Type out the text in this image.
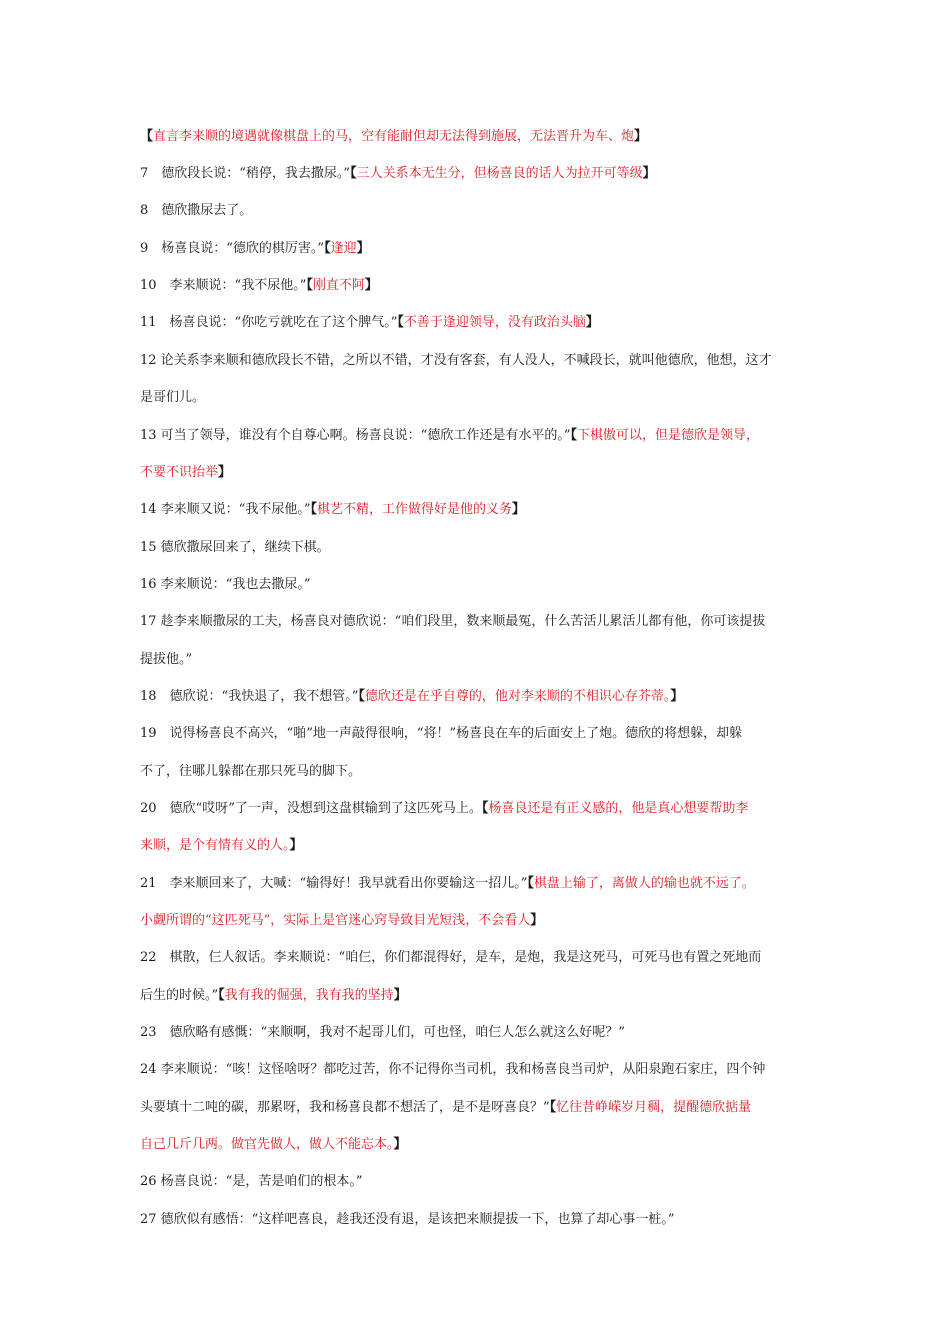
【直言李来顺的境遇就像棋盘上的马，空有能耐但却无法得到施展，无法晋升为车、炮】
7　德欣段长说：“稍停，我去撒尿。”【三人关系本无生分，但杨喜良的话人为拉开可等级】
8　德欣撒尿去了。
9　杨喜良说：“德欣的棋厉害。”【逢迎】
10　李来顺说：“我不尿他。”【刚直不阿】
11　杨喜良说：“你吃亏就吃在了这个脾气。”【不善于逢迎领导，没有政治头脑】
12 论关系李来顺和德欣段长不错，之所以不错，才没有客套，有人没人，不喊段长，就叫他德欣，他想，这才
是哥们儿。
13 可当了领导，谁没有个自尊心啊。杨喜良说：“德欣工作还是有水平的。”【下棋傲可以，但是德欣是领导，
不要不识抬举】
14 李来顺又说：“我不尿他。”【棋艺不精，工作做得好是他的义务】
15 德欣撒尿回来了，继续下棋。
16 李来顺说：“我也去撒尿。”
17 趁李来顺撒尿的工夫，杨喜良对德欣说：“咱们段里，数来顺最冤，什么苦活儿累活儿都有他，你可该提拔
提拔他。”
18　德欣说：“我快退了，我不想管。”【德欣还是在乎自尊的，他对李来顺的不相识心存芥蒂。】
19　说得杨喜良不高兴，“啪”地一声敲得很响，“将！”杨喜良在车的后面安上了炮。德欣的将想躲，却躲
不了，往哪儿躲都在那只死马的脚下。
20　德欣“哎呀”了一声，没想到这盘棋输到了这匹死马上。【杨喜良还是有正义感的，他是真心想要帮助李
来顺，是个有情有义的人。】
21　李来顺回来了，大喊：“输得好！我早就看出你要输这一招儿。”【棋盘上输了，离做人的输也就不远了。
小觑所谓的“这匹死马”，实际上是官迷心窍导致目光短浅，不会看人】
22　棋散，仨人叙话。李来顺说：“咱仨，你们都混得好，是车，是炮，我是这死马，可死马也有置之死地而
后生的时候。”【我有我的倔强，我有我的坚持】
23　德欣略有感慨：“来顺啊，我对不起哥儿们，可也怪，咱仨人怎么就这么好呢？”
24 李来顺说：“咳！这怪啥呀？都吃过苦，你不记得你当司机，我和杨喜良当司炉，从阳泉跑石家庄，四个钟
头要填十二吨的碳，那累呀，我和杨喜良都不想活了，是不是呀喜良？”【忆往昔峥嵘岁月稠，提醒德欣掂量
自己几斤几两。做官先做人，做人不能忘本。】
26 杨喜良说：“是，苦是咱们的根本。”
27 德欣似有感悟：“这样吧喜良，趁我还没有退，是该把来顺提拔一下，也算了却心事一桩。”
